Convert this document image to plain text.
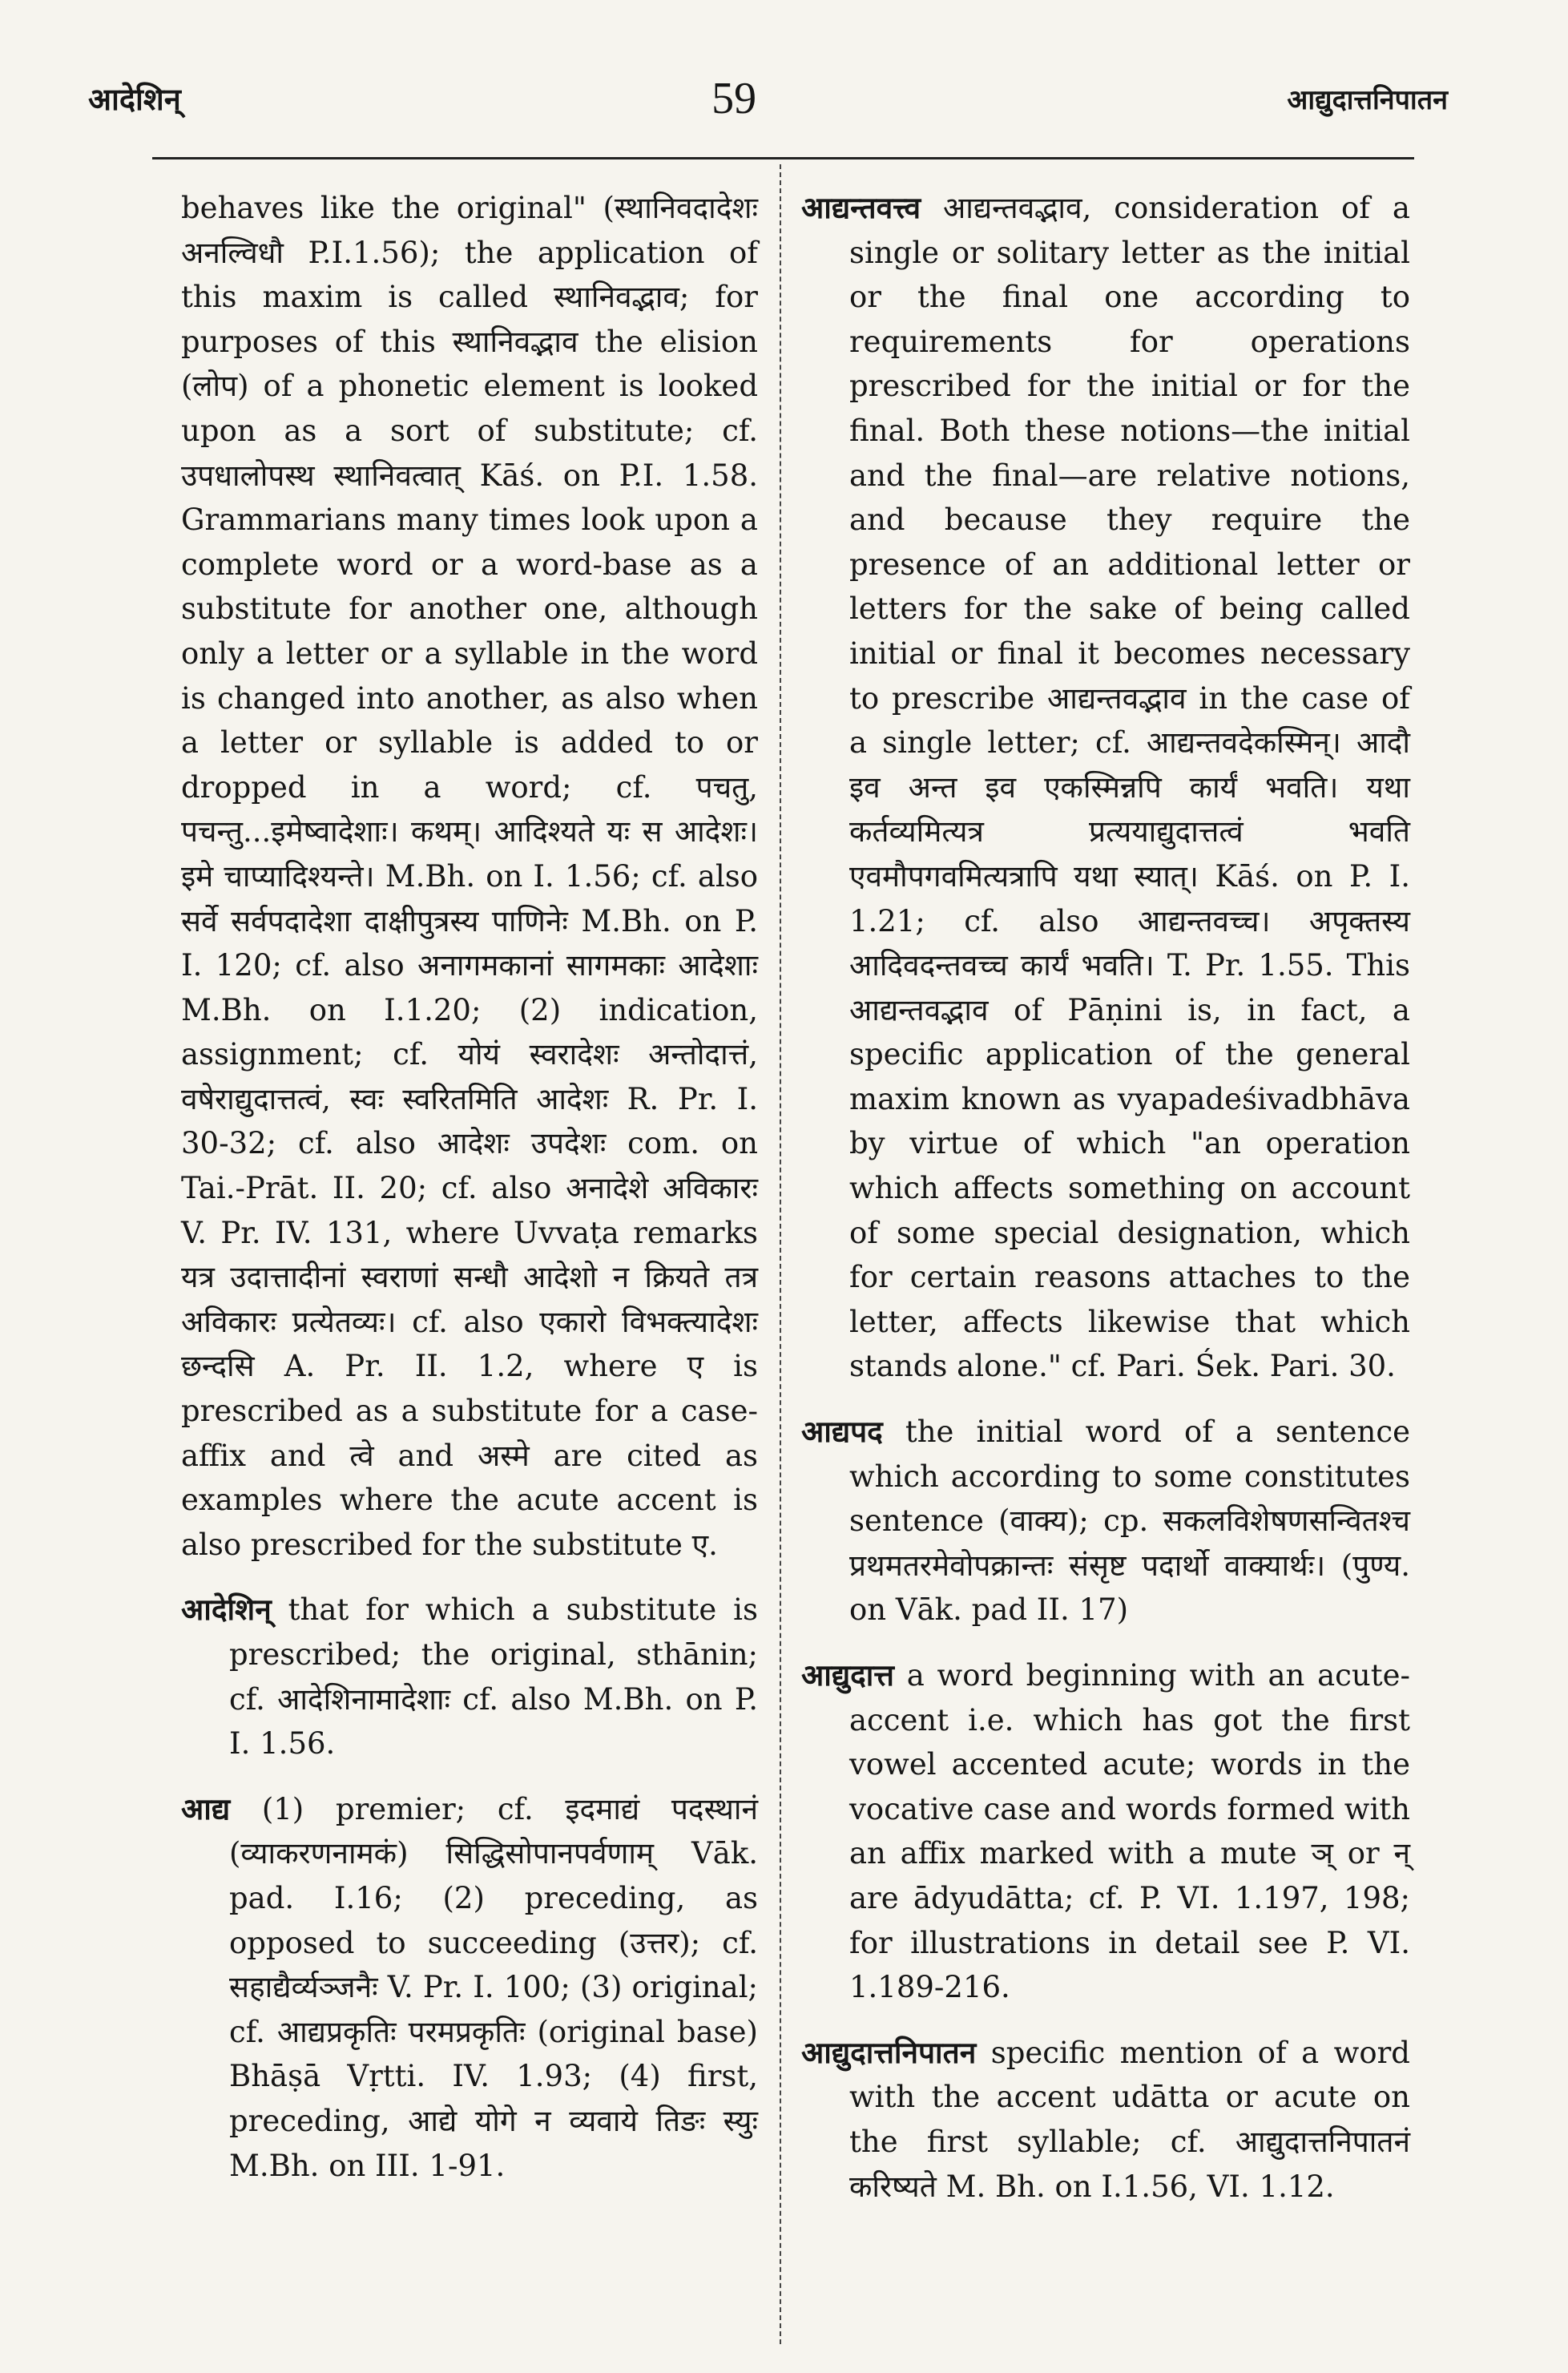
आदेशिन्	59	आद्युदात्तनिपातन

behaves like the original" (स्थानिवदादेशः अनल्विधौ P.I.1.56); the application of this maxim is called स्थानिवद्भाव; for purposes of this स्थानिवद्भाव the elision (लोप) of a phonetic element is looked upon as a sort of substitute; cf. उपधालोपस्थ स्थानिवत्वात् Kāś. on P.I. 1.58. Grammarians many times look upon a complete word or a word-base as a substitute for another one, although only a letter or a syllable in the word is changed into another, as also when a letter or syllable is added to or dropped in a word; cf. पचतु, पचन्तु...इमेष्वादेशाः। कथम्। आदिश्यते यः स आदेशः। इमे चाप्यादिश्यन्ते। M.Bh. on I. 1.56; cf. also सर्वे सर्वपदादेशा दाक्षीपुत्रस्य पाणिनेः M.Bh. on P. I. 120; cf. also अनागमकानां सागमकाः आदेशाः M.Bh. on I.1.20; (2) indication, assignment; cf. योयं स्वरादेशः अन्तोदात्तं, वषेराद्युदात्तत्वं, स्वः स्वरितमिति आदेशः R. Pr. I. 30-32; cf. also आदेशः उपदेशः com. on Tai.-Prāt. II. 20; cf. also अनादेशे अविकारः V. Pr. IV. 131, where Uvvaṭa remarks यत्र उदात्तादीनां स्वराणां सन्धौ आदेशो न क्रियते तत्र अविकारः प्रत्येतव्यः। cf. also एकारो विभक्त्यादेशः छन्दसि A. Pr. II. 1.2, where ए is prescribed as a substitute for a case-affix and त्वे and अस्मे are cited as examples where the acute accent is also prescribed for the substitute ए.

आदेशिन् that for which a substitute is prescribed; the original, sthānin; cf. आदेशिनामादेशाः cf. also M.Bh. on P. I. 1.56.

आद्य (1) premier; cf. इदमाद्यं पदस्थानं (व्याकरणनामकं) सिद्धिसोपानपर्वणाम् Vāk. pad. I.16; (2) preceding, as opposed to succeeding (उत्तर); cf. सहाद्यैर्व्यञ्जनैः V. Pr. I. 100; (3) original; cf. आद्यप्रकृतिः परमप्रकृतिः (original base) Bhāṣā Vṛtti. IV. 1.93; (4) first, preceding, आद्ये योगे न व्यवाये तिङः स्युः M.Bh. on III. 1-91.

आद्यन्तवत्त्व आद्यन्तवद्भाव, consideration of a single or solitary letter as the initial or the final one according to requirements for operations prescribed for the initial or for the final. Both these notions—the initial and the final—are relative notions, and because they require the presence of an additional letter or letters for the sake of being called initial or final it becomes necessary to prescribe आद्यन्तवद्भाव in the case of a single letter; cf. आद्यन्तवदेकस्मिन्। आदौ इव अन्त इव एकस्मिन्नपि कार्यं भवति। यथा कर्तव्यमित्यत्र प्रत्ययाद्युदात्तत्वं भवति एवमौपगवमित्यत्रापि यथा स्यात्। Kāś. on P. I. 1.21; cf. also आद्यन्तवच्च। अपृक्तस्य आदिवदन्तवच्च कार्यं भवति। T. Pr. 1.55. This आद्यन्तवद्भाव of Pāṇini is, in fact, a specific application of the general maxim known as vyapadeśivadbhāva by virtue of which "an operation which affects something on account of some special designation, which for certain reasons attaches to the letter, affects likewise that which stands alone." cf. Pari. Śek. Pari. 30.

आद्यपद the initial word of a sentence which according to some constitutes sentence (वाक्य); cp. सकलविशेषणसन्वितश्च प्रथमतरमेवोपक्रान्तः संसृष्ट पदार्थो वाक्यार्थः। (पुण्य. on Vāk. pad II. 17)

आद्युदात्त a word beginning with an acute-accent i.e. which has got the first vowel accented acute; words in the vocative case and words formed with an affix marked with a mute ञ् or न् are ādyudātta; cf. P. VI. 1.197, 198; for illustrations in detail see P. VI. 1.189-216.

आद्युदात्तनिपातन specific mention of a word with the accent udātta or acute on the first syllable; cf. आद्युदात्तनिपातनं करिष्यते M. Bh. on I.1.56, VI. 1.12.
